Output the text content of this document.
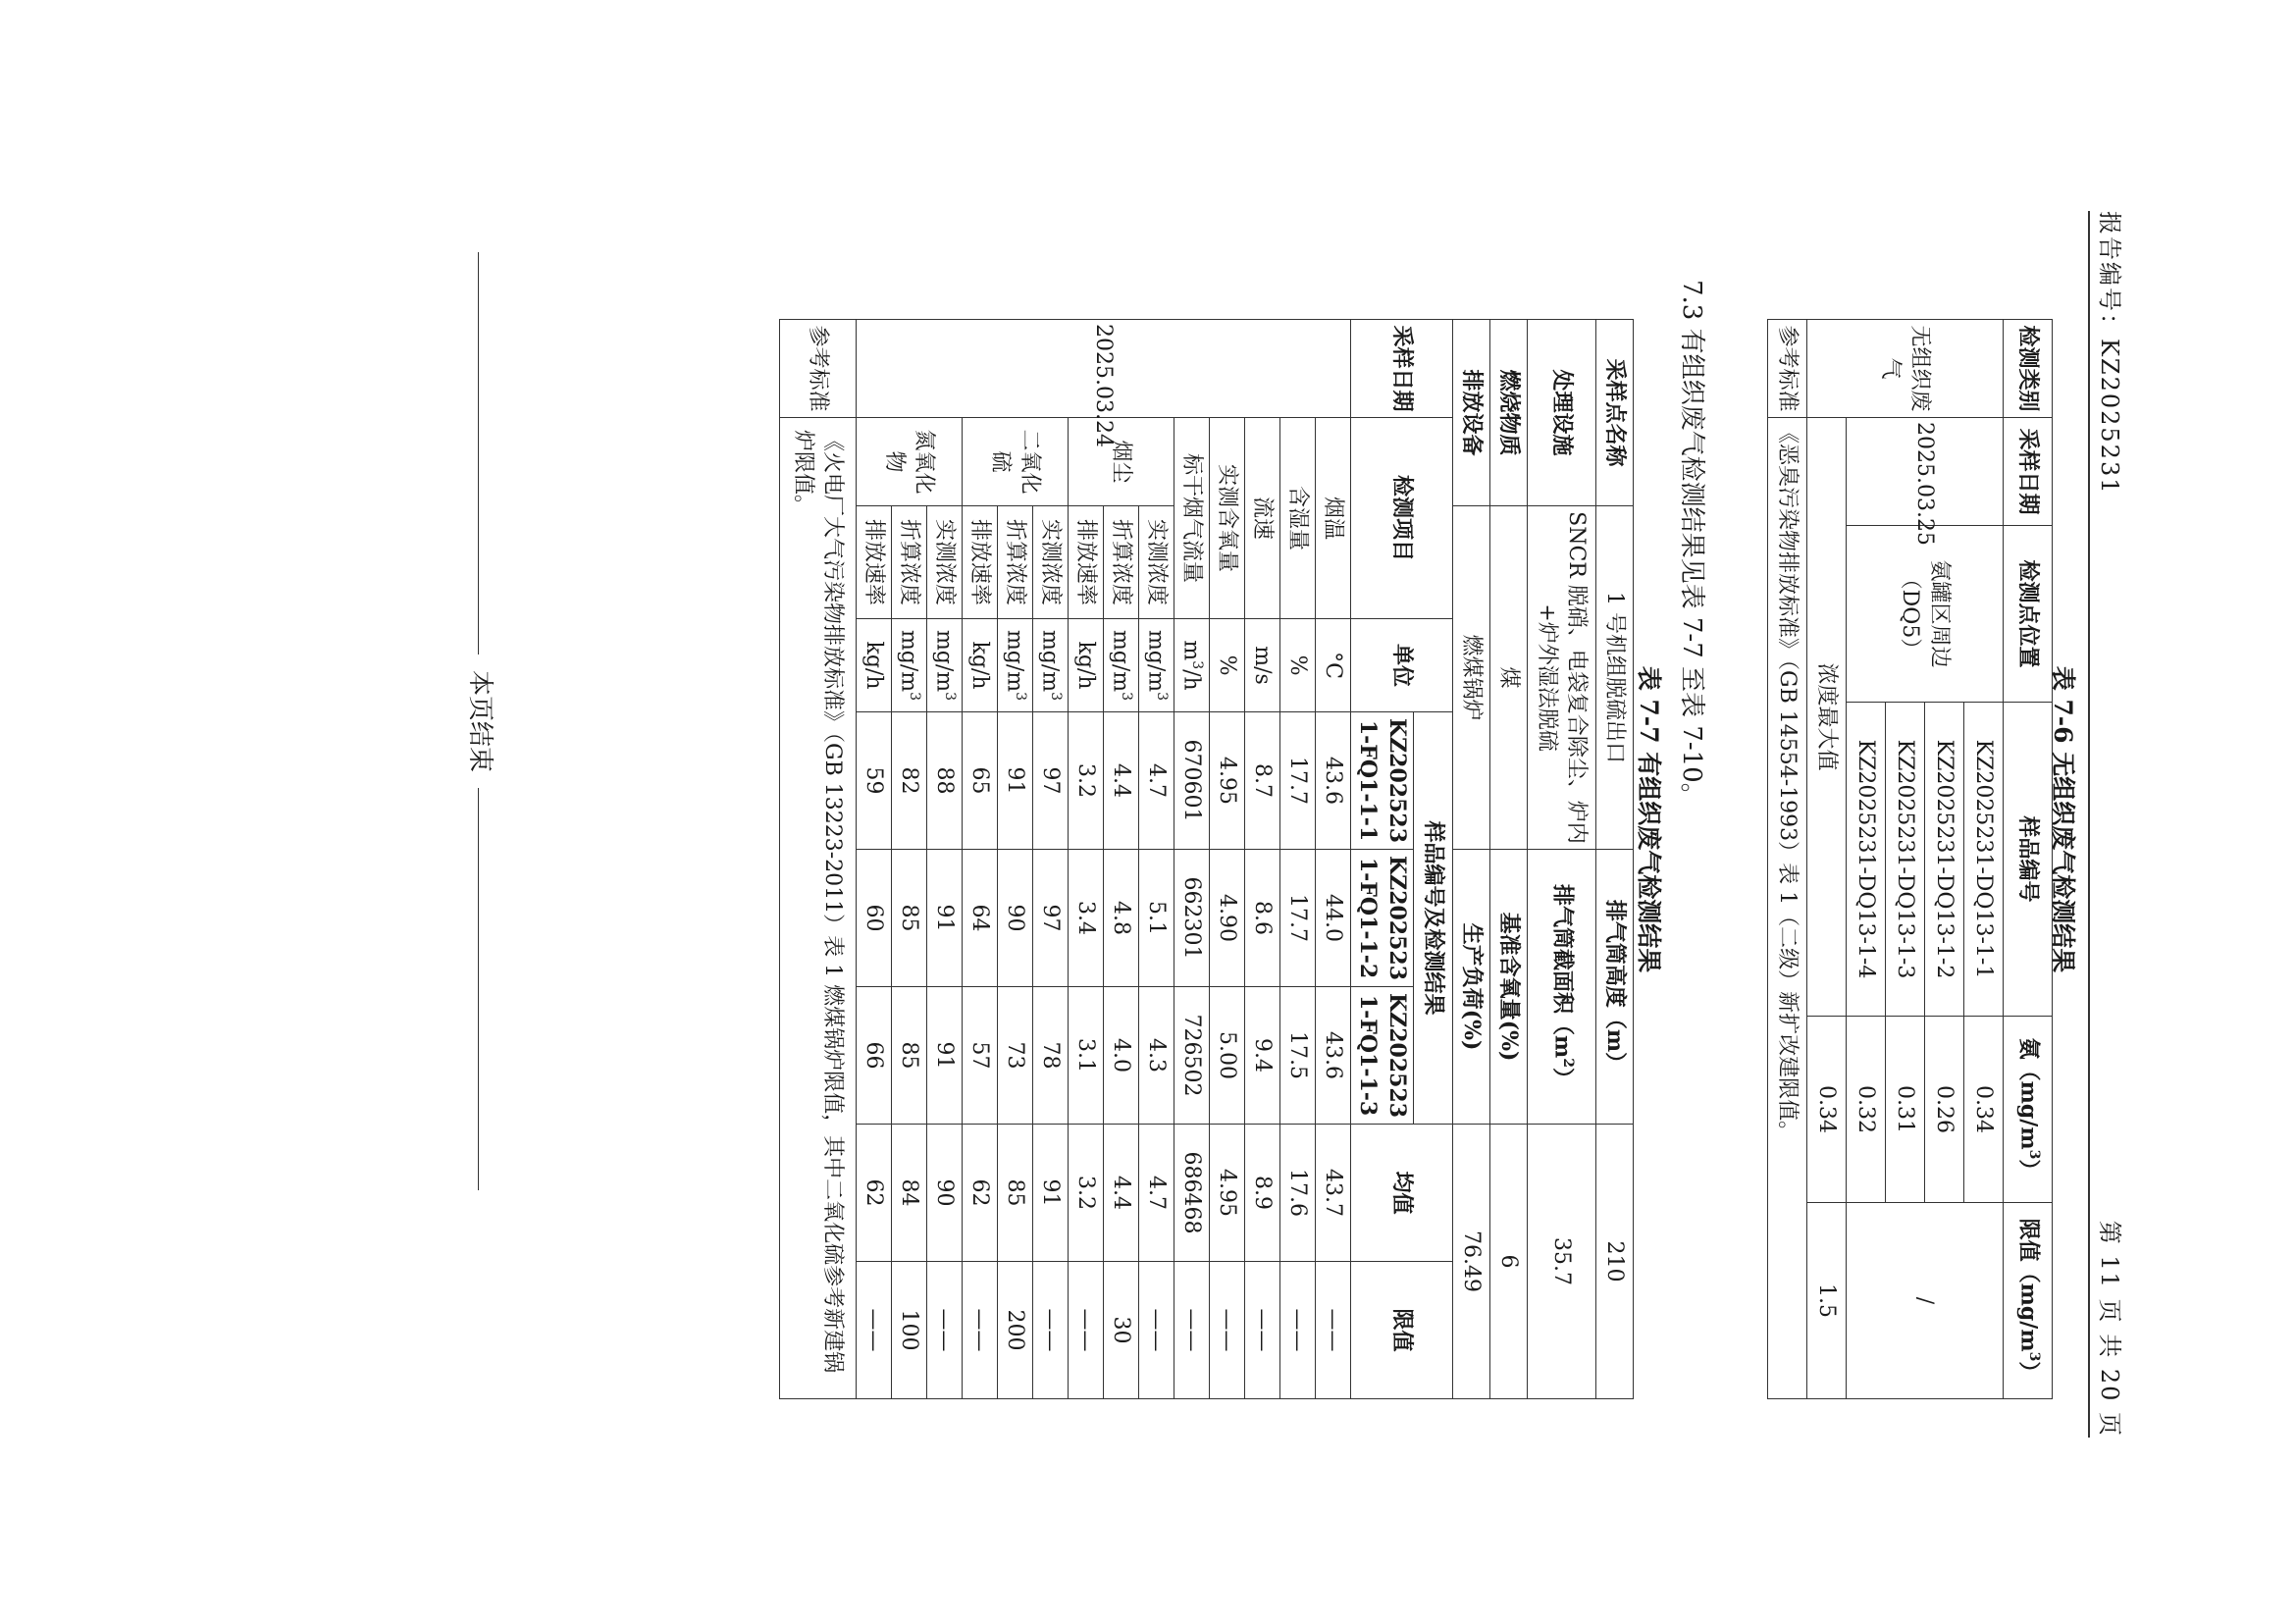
报告编号：KZ2025231
第 11 页 共 20 页
表 7-6 无组织废气检测结果
检测类别	采样日期	检测点位置	样品编号	氨$(mg/m^3)$	限值$(mg/m^3)$
无组织废气	2025.03.25	氨罐区周边（DQ5）	KZ2025231-DQ13-1-1	0.34	/
			KZ2025231-DQ13-1-2	0.26	
			KZ2025231-DQ13-1-3	0.31	
			KZ2025231-DQ13-1-4	0.32	
	浓度最大值			0.34	1.5
参考标准	《恶臭污染物排放标准》（GB 14554-1993）表 1（二级）新扩改建限值。				
7.3 有组织废气检测结果见表 7-7 至表 7-10。
表 7-7 有组织废气检测结果
采样点名称		1 号机组脱硫出口			排气筒高度（m）		210	
处理设施		SNCR 脱硝、电袋复合除尘、炉内+炉外湿法脱硫			排气筒截面积$(m^2)$		35.7	
燃烧物质		煤			基准含氧量(%)		6	
排放设备		燃煤锅炉			生产负荷(%)		76.49	
采样日期	检测项目		单位	样品编号及检测结果			均值	限值
				KZ202523 1-FQ1-1-1	KZ202523 1-FQ1-1-2	KZ202523 1-FQ1-1-3		
2025.03.24	烟温		°C	43.6	44.0	43.6	43.7	——
	含湿量		%	17.7	17.7	17.5	17.6	——
	流速		m/s	8.7	8.6	9.4	8.9	——
	实测含氧量		%	4.95	4.90	5.00	4.95	——
	标干烟气流量		$m^3/h$	670601	662301	726502	686468	——
	烟尘	实测浓度	$mg/m^3$	4.7	5.1	4.3	4.7	——
		折算浓度	$mg/m^3$	4.4	4.8	4.0	4.4	30
		排放速率	kg/h	3.2	3.4	3.1	3.2	——
	二氧化硫	实测浓度	$mg/m^3$	97	97	78	91	——
		折算浓度	$mg/m^3$	91	90	73	85	200
		排放速率	kg/h	65	64	57	62	——
	氮氧化物	实测浓度	$mg/m^3$	88	91	91	90	——
		折算浓度	$mg/m^3$	82	85	85	84	100
		排放速率	kg/h	59	60	66	62	——
参考标准	《火电厂大气污染物排放标准》（GB 13223-2011）表 1 燃煤锅炉限值，其中二氧化硫参考新建锅炉限值。							
本页结束
